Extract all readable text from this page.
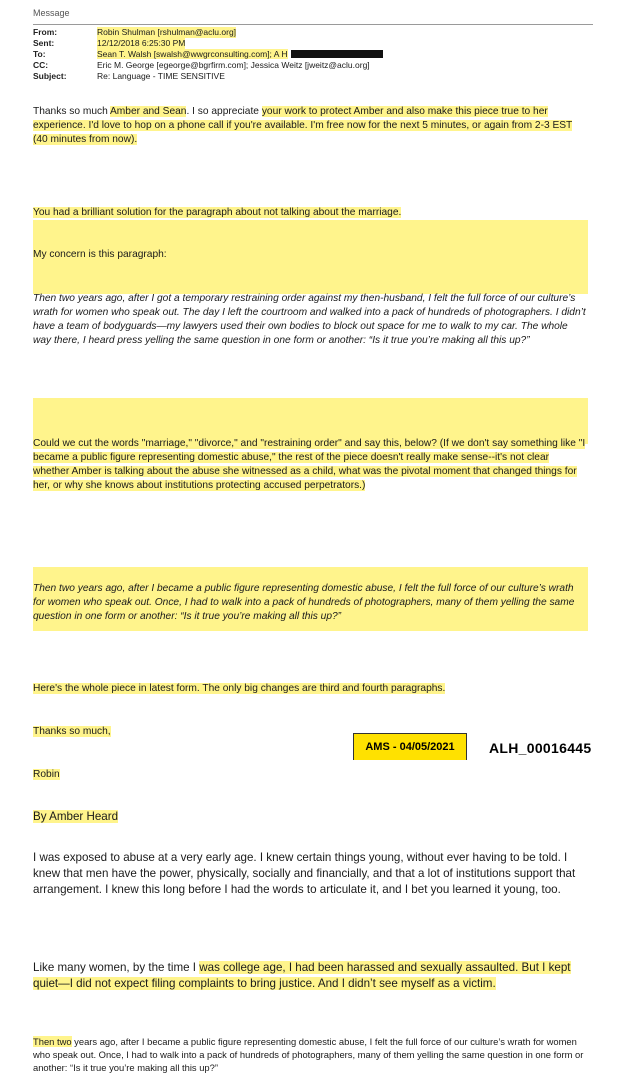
Message
From:	Robin Shulman [rshulman@aclu.org]
Sent:	12/12/2018 6:25:30 PM
To:	Sean T. Walsh [swalsh@wwgrconsulting.com]; A H
CC:	Eric M. George [egeorge@bgrfirm.com]; Jessica Weitz [jweitz@aclu.org]
Subject:	Re: Language - TIME SENSITIVE
Thanks so much Amber and Sean. I so appreciate your work to protect Amber and also make this piece true to her experience. I'd love to hop on a phone call if you're available. I'm free now for the next 5 minutes, or again from 2-3 EST (40 minutes from now).
You had a brilliant solution for the paragraph about not talking about the marriage.
My concern is this paragraph:
Then two years ago, after I got a temporary restraining order against my then-husband, I felt the full force of our culture’s wrath for women who speak out. The day I left the courtroom and walked into a pack of hundreds of photographers. I didn’t have a team of bodyguards—my lawyers used their own bodies to block out space for me to walk to my car. The whole way there, I heard press yelling the same question in one form or another: “Is it true you’re making all this up?”
Could we cut the words "marriage," "divorce," and "restraining order" and say this, below? (If we don't say something like "I became a public figure representing domestic abuse," the rest of the piece doesn't really make sense--it's not clear whether Amber is talking about the abuse she witnessed as a child, what was the pivotal moment that changed things for her, or why she knows about institutions protecting accused perpetrators.)
Then two years ago, after I became a public figure representing domestic abuse, I felt the full force of our culture’s wrath for women who speak out. Once, I had to walk into a pack of hundreds of photographers, many of them yelling the same question in one form or another: “Is it true you’re making all this up?”
Here's the whole piece in latest form. The only big changes are third and fourth paragraphs.
Thanks so much,
Robin
By Amber Heard
I was exposed to abuse at a very early age. I knew certain things young, without ever having to be told. I knew that men have the power, physically, socially and financially, and that a lot of institutions support that arrangement. I knew this long before I had the words to articulate it, and I bet you learned it young, too.
Like many women, by the time I was college age, I had been harassed and sexually assaulted. But I kept quiet—I did not expect filing complaints to bring justice. And I didn’t see myself as a victim.
Then two years ago, after I became a public figure representing domestic abuse, I felt the full force of our culture’s wrath for women who speak out. Once, I had to walk into a pack of hundreds of photographers, many of them yelling the same question in one form or another: “Is it true you’re making all this up?”
AMS - 04/05/2021	ALH_00016445
